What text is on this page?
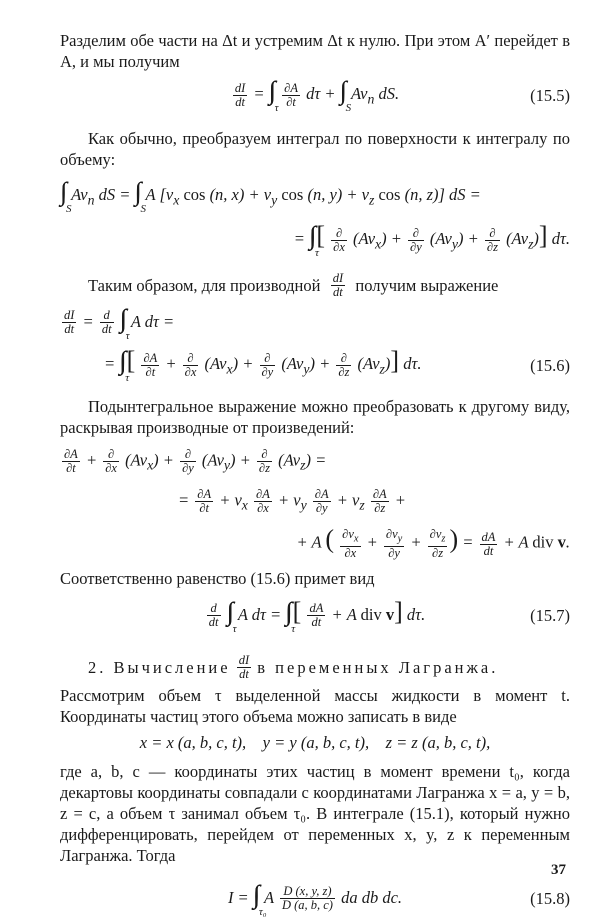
Разделим обе части на Δt и устремим Δt к нулю. При этом A′ перейдет в A, и мы получим

$\frac{dI}{dt}$ = ∫∫∫
τ
$\frac{\partial A}{\partial t}$ dτ + ∫∫
S
$Av_n$ dS.	(15.5)

Как обычно, преобразуем интеграл по поверхности к интегралу по объему:

∫∫
S
$Av_n$ dS = ∫∫
S
A [$v_x$ cos (n, $x) + v_y$ cos (n, $y) + v_z$ cos (n, z)] dS =
= ∫∫∫
τ
[ $\frac{\partial}{\partial x} (Av_x) + \frac{\partial}{\partial y} (Av_y) + \frac{\partial}{\partial z} (Av_z)$] dτ.
Таким образом, для производной
$\frac{dI}{dt}$
получим выражение
$\frac{dI}{dt} = \frac{d}{dt}$ ∫∫∫
τ
A dτ =
= ∫∫∫
τ
[ $\frac{\partial A}{\partial t} + \frac{\partial}{\partial x} (Av_x) + \frac{\partial}{\partial y} (Av_y) + \frac{\partial}{\partial z} (Av_z)$] dτ.	(15.6)

Подынтегральное выражение можно преобразовать к другому виду, раскрывая производные от произведений:

$\frac{\partial A}{\partial t} + \frac{\partial}{\partial x} (Av_x) + \frac{\partial}{\partial y} (Av_y) + \frac{\partial}{\partial z} (Av_z)$ =
= $\frac{\partial A}{\partial t} + v_x \frac{\partial A}{\partial x} + v_y \frac{\partial A}{\partial y} + v_z \frac{\partial A}{\partial z}$ +
+ A ( $\frac{\partial v_x}{\partial x} + \frac{\partial v_y}{\partial y} + \frac{\partial v_z}{\partial z}$ ) = $\frac{dA}{dt} + A$ div v.

Соответственно равенство (15.6) примет вид

$\frac{d}{dt}$ ∫∫∫
τ
A dτ = ∫∫∫
τ
[ $\frac{dA}{dt} + A$ div v] dτ.	(15.7)
2. Вычисление
$\frac{dI}{dt}$
в переменных Лагранжа.

Рассмотрим объем τ выделенной массы жидкости в момент t. Координаты частиц этого объема можно записать в виде

x = x (a, b, c, t),    y = y (a, b, c, t),    z = z (a, b, c, t),

где a, b, c — координаты этих частиц в момент времени t₀, когда декартовы координаты совпадали с координатами Лагранжа x = a, y = b, z = c, а объем τ занимал объем τ₀. В интеграле (15.1), который нужно дифференцировать, перейдем от переменных x, y, z к переменным Лагранжа. Тогда

I = ∫∫∫
τ₀
A $\frac{D (x, y, z)}{D (a, b, c)}$ da db dc.	(15.8)
37
